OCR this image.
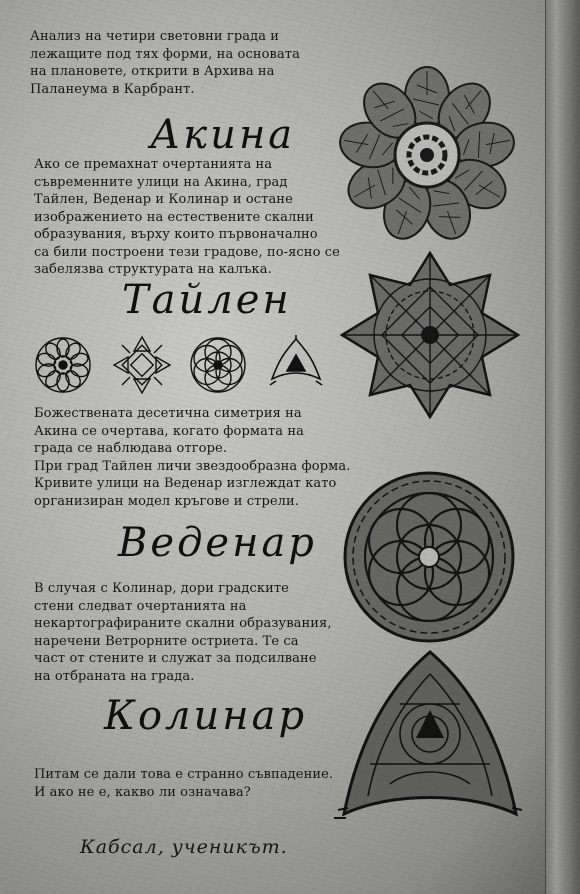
Анализ на четири световни града и
лежащите под тях форми, на основата
на плановете, открити в Архива на
Паланеума в Карбрант.
Акина
Ако се премахнат очертанията на
съвременните улици на Акина, град
Тайлен, Веденар и Колинар и остане
изображението на естествените скални
образувания, върху които първоначално
са били построени тези градове, по-ясно се
забелязва структурата на калъка.
Тайлен
Божествената десетична симетрия на
Акина се очертава, когато формата на
града се наблюдава отгоре.
При град Тайлен личи звездообразна форма.
Кривите улици на Веденар изглеждат като
организиран модел кръгове и стрели.
Веденар
В случая с Колинар, дори градските
стени следват очертанията на
некартографираните скални образувания,
наречени Ветрорните остриета. Те са
част от стените и служат за подсилване
на отбраната на града.
Колинар
Питам се дали това е странно съвпадение.
И ако не е, какво ли означава?
Кабсал, ученикът.
